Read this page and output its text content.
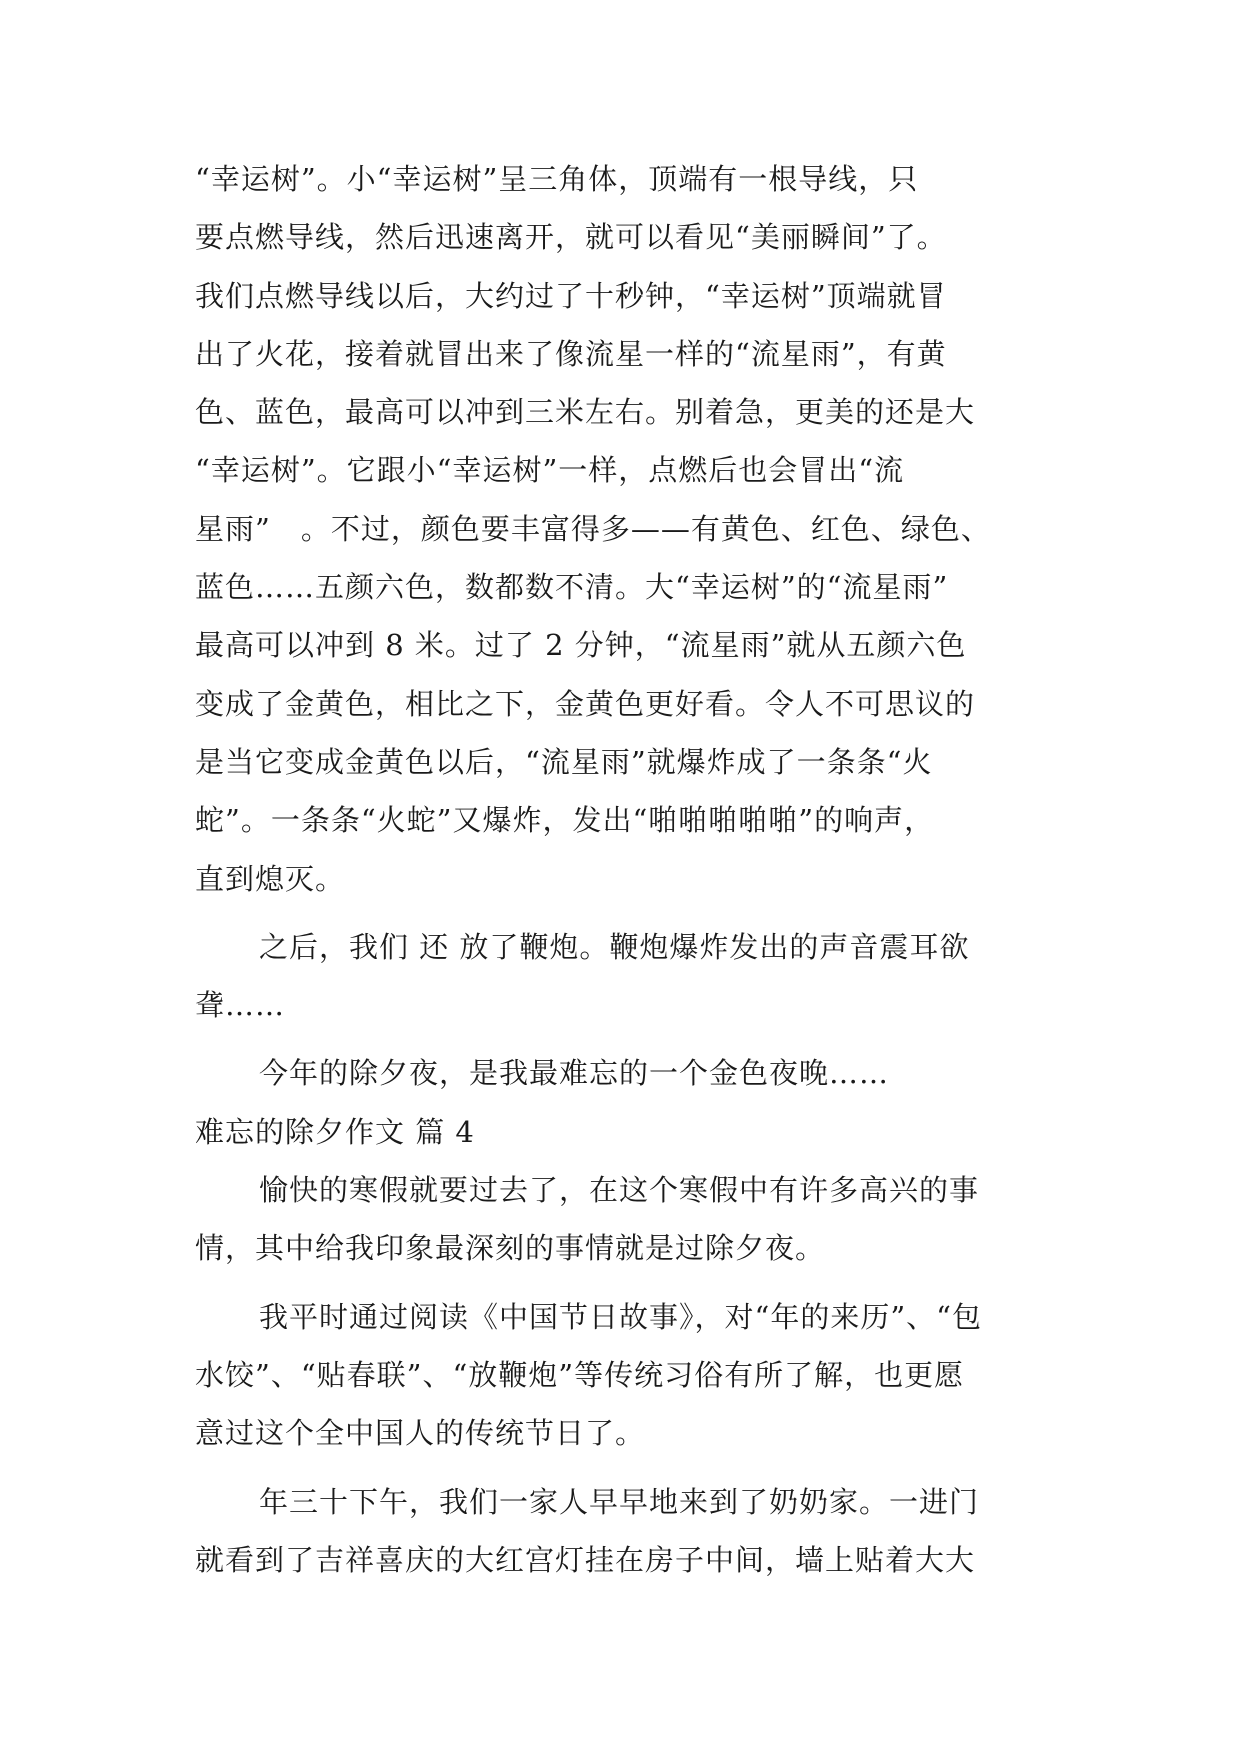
“幸运树”。小“幸运树”呈三角体，顶端有一根导线，只
要点燃导线，然后迅速离开，就可以看见“美丽瞬间”了。
我们点燃导线以后，大约过了十秒钟，“幸运树”顶端就冒
出了火花，接着就冒出来了像流星一样的“流星雨”，有黄
色、蓝色，最高可以冲到三米左右。别着急，更美的还是大
“幸运树”。它跟小“幸运树”一样，点燃后也会冒出“流
星雨”　。不过，颜色要丰富得多——有黄色、红色、绿色、
蓝色……五颜六色，数都数不清。大“幸运树”的“流星雨”
最高可以冲到 8 米。过了 2 分钟，“流星雨”就从五颜六色
变成了金黄色，相比之下，金黄色更好看。令人不可思议的
是当它变成金黄色以后，“流星雨”就爆炸成了一条条“火
蛇”。一条条“火蛇”又爆炸，发出“啪啪啪啪啪”的响声，
直到熄灭。
之后，我们 还 放了鞭炮。鞭炮爆炸发出的声音震耳欲
聋……
今年的除夕夜，是我最难忘的一个金色夜晚……
难忘的除夕作文 篇 4
愉快的寒假就要过去了，在这个寒假中有许多高兴的事
情，其中给我印象最深刻的事情就是过除夕夜。
我平时通过阅读《中国节日故事》，对“年的来历”、“包
水饺”、“贴春联”、“放鞭炮”等传统习俗有所了解，也更愿
意过这个全中国人的传统节日了。
年三十下午，我们一家人早早地来到了奶奶家。一进门
就看到了吉祥喜庆的大红宫灯挂在房子中间，墙上贴着大大
